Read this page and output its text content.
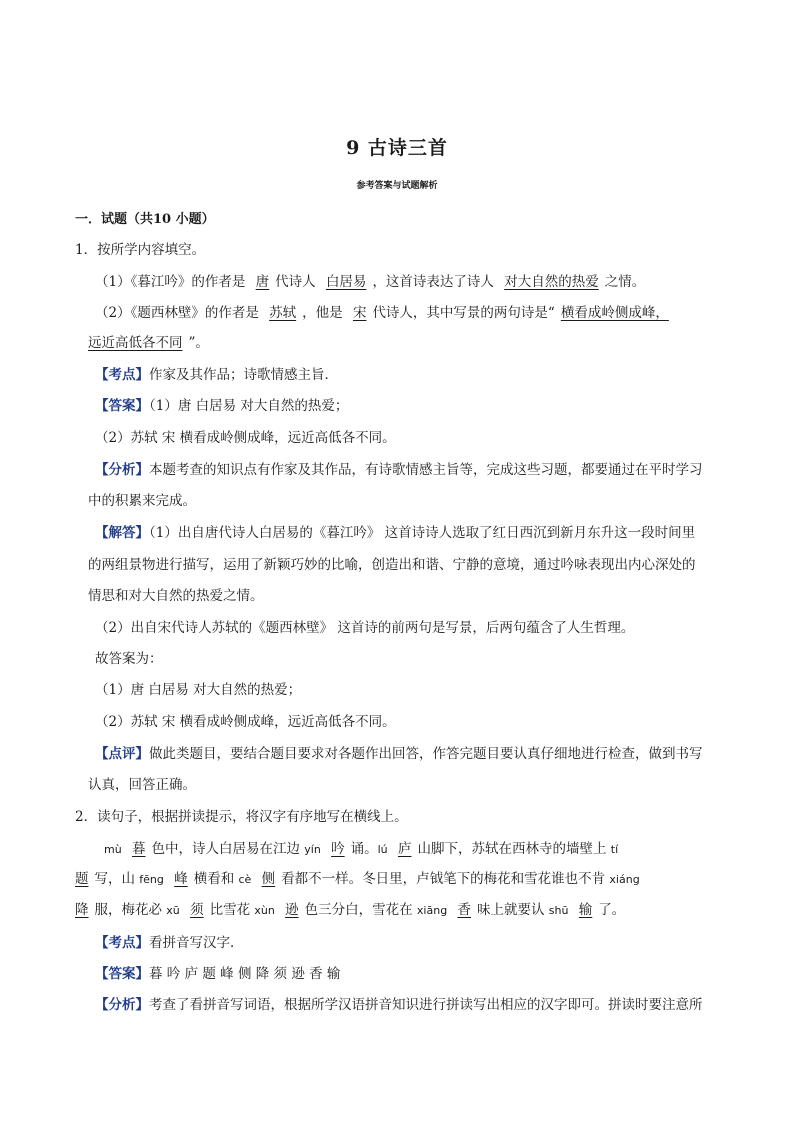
9 古诗三首
参考答案与试题解析
一．试题（共10 小题）
1．按所学内容填空。
（1）《暮江吟》的作者是 唐 代诗人 白居易 ，这首诗表达了诗人 对大自然的热爱 之情。
（2）《题西林壁》的作者是 苏轼 ，他是 宋 代诗人，其中写景的两句诗是“ 横看成岭侧成峰，
远近高低各不同 ”。
【考点】作家及其作品；诗歌情感主旨．
【答案】（1）唐 白居易 对大自然的热爱；
（2）苏轼 宋 横看成岭侧成峰，远近高低各不同。
【分析】本题考查的知识点有作家及其作品，有诗歌情感主旨等，完成这些习题，都要通过在平时学习
中的积累来完成。
【解答】（1）出自唐代诗人白居易的《暮江吟》 这首诗诗人选取了红日西沉到新月东升这一段时间里
的两组景物进行描写，运用了新颖巧妙的比喻，创造出和谐、宁静的意境，通过吟咏表现出内心深处的
情思和对大自然的热爱之情。
（2）出自宋代诗人苏轼的《题西林壁》 这首诗的前两句是写景，后两句蕴含了人生哲理。
故答案为：
（1）唐 白居易 对大自然的热爱；
（2）苏轼 宋 横看成岭侧成峰，远近高低各不同。
【点评】做此类题目，要结合题目要求对各题作出回答，作答完题目要认真仔细地进行检查，做到书写
认真，回答正确。
2．读句子，根据拼读提示，将汉字有序地写在横线上。
mù 暮 色中，诗人白居易在江边 yín 吟 诵。lú 庐 山脚下，苏轼在西林寺的墙壁上 tí
题 写，山 fēng 峰 横看和 cè 侧 看都不一样。冬日里，卢钺笔下的梅花和雪花谁也不肯 xiáng
降 服，梅花必 xū 须 比雪花 xùn 逊 色三分白，雪花在 xiāng 香 味上就要认 shū 输 了。
【考点】看拼音写汉字．
【答案】暮 吟 庐 题 峰 侧 降 须 逊 香 输
【分析】考查了看拼音写词语，根据所学汉语拼音知识进行拼读写出相应的汉字即可。拼读时要注意所
